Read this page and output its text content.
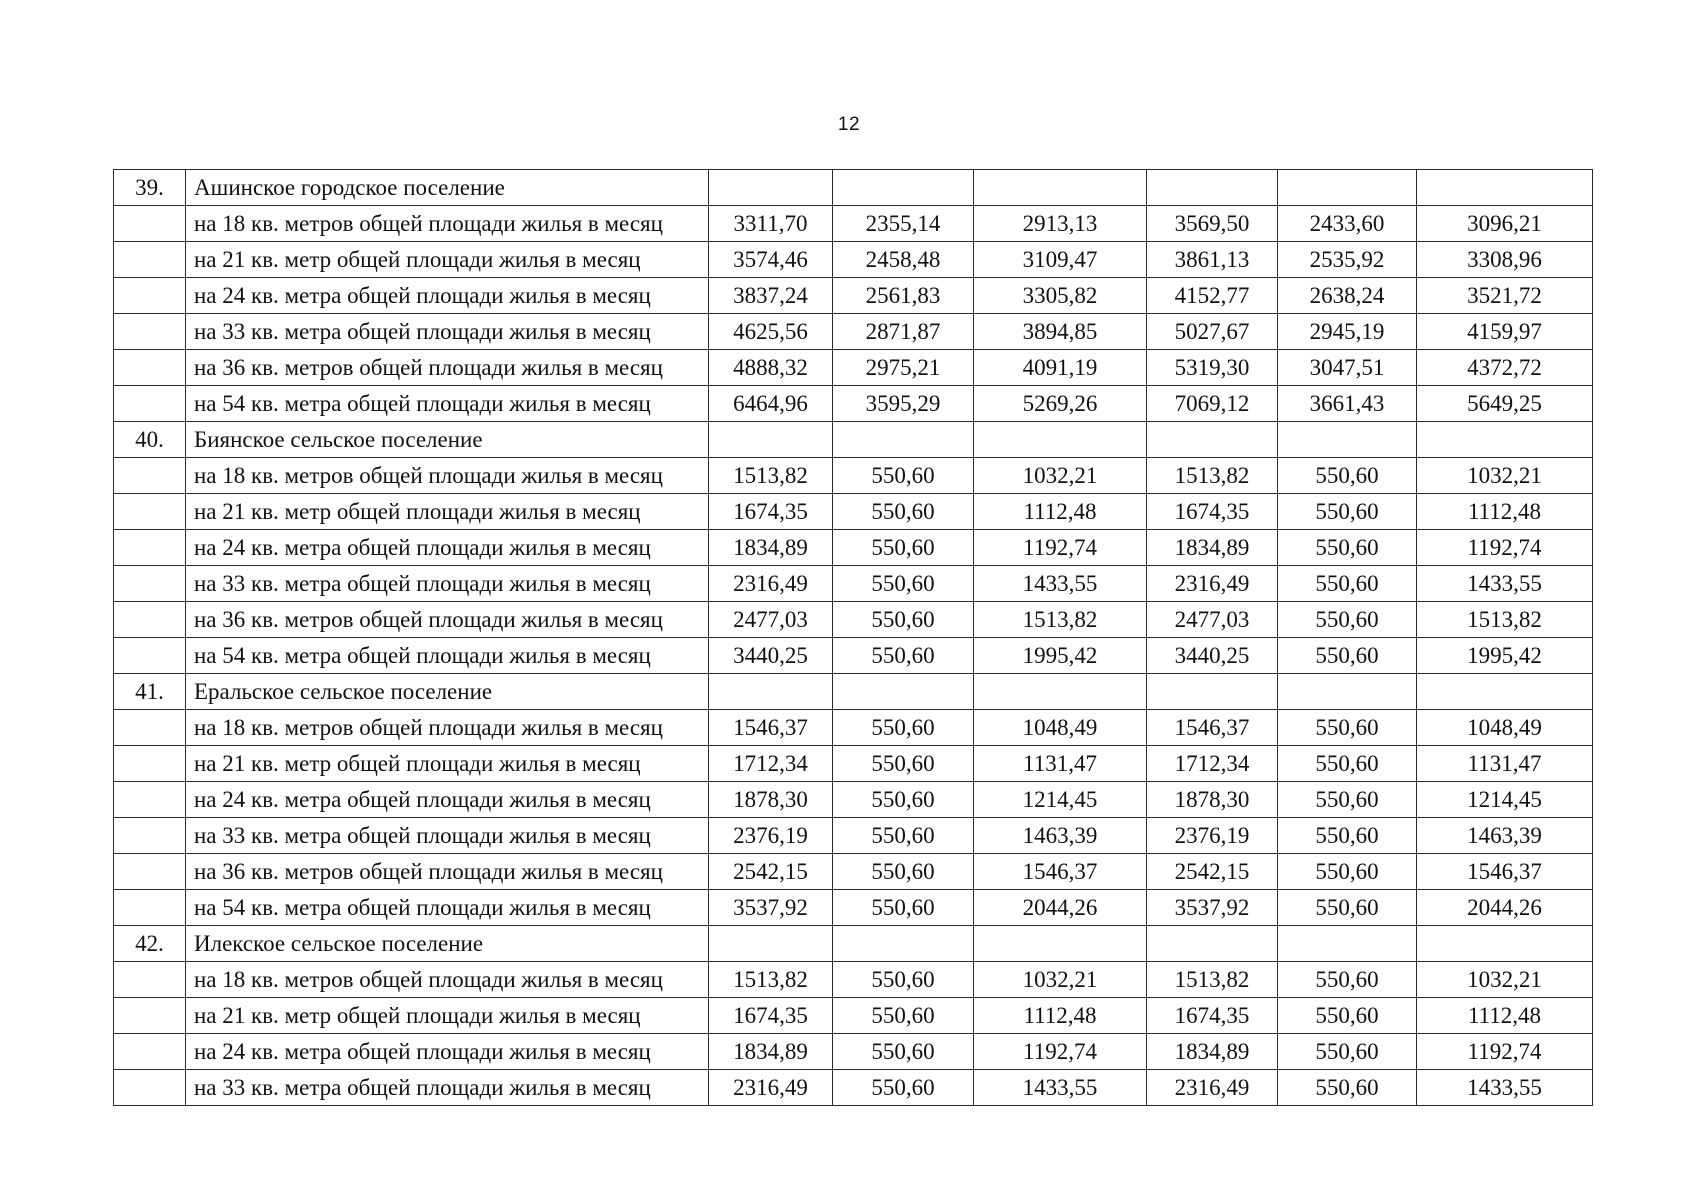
12
39.	Ашинское городское поселение						
	на 18 кв. метров общей площади жилья в месяц	3311,70	2355,14	2913,13	3569,50	2433,60	3096,21
	на 21 кв. метр общей площади жилья в месяц	3574,46	2458,48	3109,47	3861,13	2535,92	3308,96
	на 24 кв. метра общей площади жилья в месяц	3837,24	2561,83	3305,82	4152,77	2638,24	3521,72
	на 33 кв. метра общей площади жилья в месяц	4625,56	2871,87	3894,85	5027,67	2945,19	4159,97
	на 36 кв. метров общей площади жилья в месяц	4888,32	2975,21	4091,19	5319,30	3047,51	4372,72
	на 54 кв. метра общей площади жилья в месяц	6464,96	3595,29	5269,26	7069,12	3661,43	5649,25
40.	Биянское сельское поселение						
	на 18 кв. метров общей площади жилья в месяц	1513,82	550,60	1032,21	1513,82	550,60	1032,21
	на 21 кв. метр общей площади жилья в месяц	1674,35	550,60	1112,48	1674,35	550,60	1112,48
	на 24 кв. метра общей площади жилья в месяц	1834,89	550,60	1192,74	1834,89	550,60	1192,74
	на 33 кв. метра общей площади жилья в месяц	2316,49	550,60	1433,55	2316,49	550,60	1433,55
	на 36 кв. метров общей площади жилья в месяц	2477,03	550,60	1513,82	2477,03	550,60	1513,82
	на 54 кв. метра общей площади жилья в месяц	3440,25	550,60	1995,42	3440,25	550,60	1995,42
41.	Еральское сельское поселение						
	на 18 кв. метров общей площади жилья в месяц	1546,37	550,60	1048,49	1546,37	550,60	1048,49
	на 21 кв. метр общей площади жилья в месяц	1712,34	550,60	1131,47	1712,34	550,60	1131,47
	на 24 кв. метра общей площади жилья в месяц	1878,30	550,60	1214,45	1878,30	550,60	1214,45
	на 33 кв. метра общей площади жилья в месяц	2376,19	550,60	1463,39	2376,19	550,60	1463,39
	на 36 кв. метров общей площади жилья в месяц	2542,15	550,60	1546,37	2542,15	550,60	1546,37
	на 54 кв. метра общей площади жилья в месяц	3537,92	550,60	2044,26	3537,92	550,60	2044,26
42.	Илекское сельское поселение						
	на 18 кв. метров общей площади жилья в месяц	1513,82	550,60	1032,21	1513,82	550,60	1032,21
	на 21 кв. метр общей площади жилья в месяц	1674,35	550,60	1112,48	1674,35	550,60	1112,48
	на 24 кв. метра общей площади жилья в месяц	1834,89	550,60	1192,74	1834,89	550,60	1192,74
	на 33 кв. метра общей площади жилья в месяц	2316,49	550,60	1433,55	2316,49	550,60	1433,55
